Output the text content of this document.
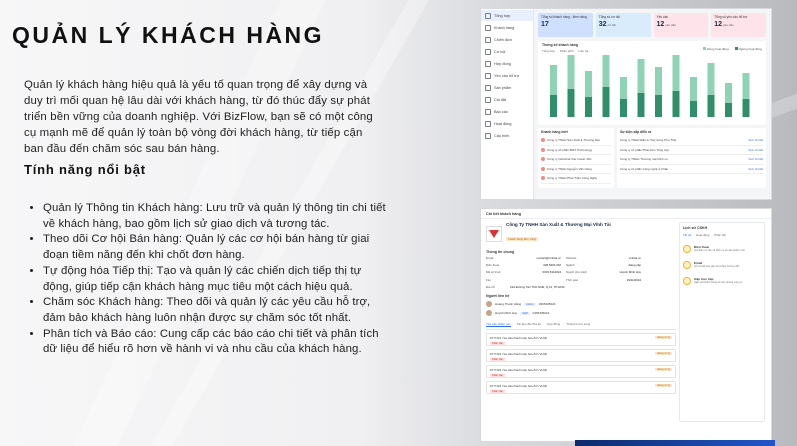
QUẢN LÝ KHÁCH HÀNG
Quản lý khách hàng hiệu quả là yếu tố quan trọng để xây dựng và duy trì mối quan hệ lâu dài với khách hàng, từ đó thúc đẩy sự phát triển bền vững của doanh nghiệp. Với BizFlow, bạn sẽ có một công cụ mạnh mẽ để quản lý toàn bộ vòng đời khách hàng, từ tiếp cận ban đầu đến chăm sóc sau bán hàng.
Tính năng nổi bật
• Quản lý Thông tin Khách hàng: Lưu trữ và quản lý thông tin chi tiết về khách hàng, bao gồm lịch sử giao dịch và tương tác.
• Theo dõi Cơ hội Bán hàng: Quản lý các cơ hội bán hàng từ giai đoạn tiềm năng đến khi chốt đơn hàng.
• Tự động hóa Tiếp thị: Tạo và quản lý các chiến dịch tiếp thị tự động, giúp tiếp cận khách hàng mục tiêu một cách hiệu quả.
• Chăm sóc Khách hàng: Theo dõi và quản lý các yêu cầu hỗ trợ, đảm bảo khách hàng luôn nhận được sự chăm sóc tốt nhất.
• Phân tích và Báo cáo: Cung cấp các báo cáo chi tiết và phân tích dữ liệu để hiểu rõ hơn về hành vi và nhu cầu của khách hàng.
Tổng hợp
Khách hàng
Chiến dịch
Cơ hội
Hợp đồng
Yêu cầu hỗ trợ
Sản phẩm
Cài đặt
Báo cáo
Hoạt động
Cấu hình
Tổng số khách hàng - tiềm năng
17
Tổng số cơ hội
32cơ hội
Yêu cầu
12yêu cầu
Tổng số yêu cầu hỗ trợ
12yêu cầu
Thống kê khách hàng
Tổng hợp Phân phối Liên hệ	Đang hoạt động	Ngừng hoạt động
Khách hàng mới
Công ty TNHH Sản Xuất & Thương Mại
Công ty cổ phần BIZT Technology
Công ty Industrial Viet Invest JSC
Công ty TNHH Nguyễn Văn Hùng
Công ty TNHH Phát Triển Công Nghệ
Sự kiện sắp diễn ra
Công ty TNHH Đầu tư Xây dựng Phú Thái	Xem chi tiết
Công ty cổ phần Phát triển Tổng hợp	Xem chi tiết
Công ty TNHH Thương mại Dịch vụ	Xem chi tiết
Công ty cổ phần Công nghệ Á Châu	Xem chi tiết
Chi tiết khách hàng
Công Ty TNHH Sản Xuất & Thương Mại Vĩnh Tài
Khách hàng tiềm năng
Thông tin chung
Email	contact@vinhtai.vn	Website	vinhtai.vn
Điện thoại	028 5403 332	Ngành	Đang cập
Mã số thuế	0303 5412024	Người phụ trách	Huỳnh Minh Huy
Fax	Thời gian	29/11/2024
Địa chỉ	22A Đường Tân Thới Nhất, Q.12, TP.HCM
Người liên hệ
Hoàng Thanh Hằng	Admin	0365405024
Huỳnh Minh Huy	Staff	0365405024
Yêu cầu chăm sóc Tài liệu đã chia sẻ Hợp đồng Thông tin bổ sung
#777121 Yêu cầu thanh toán hóa đơn VLSD
Khẩn cấp
Đang xử lý
#777122 Yêu cầu thanh toán hóa đơn VLSD
Khẩn cấp
Đang xử lý
#777123 Yêu cầu thanh toán hóa đơn VLSD
Khẩn cấp
Đang xử lý
#777124 Yêu cầu thanh toán hóa đơn VLSD
Khẩn cấp
Đang xử lý
Lịch sử CSKH
Tất cả Hoạt động Phản hồi
Điện thoại
Gọi điện tư vấn về dịch vụ và sản phẩm mới
Email
Gửi email báo giá và tài liệu hướng dẫn
Gặp trực tiếp
Gặp gỡ khách hàng tại văn phòng công ty
